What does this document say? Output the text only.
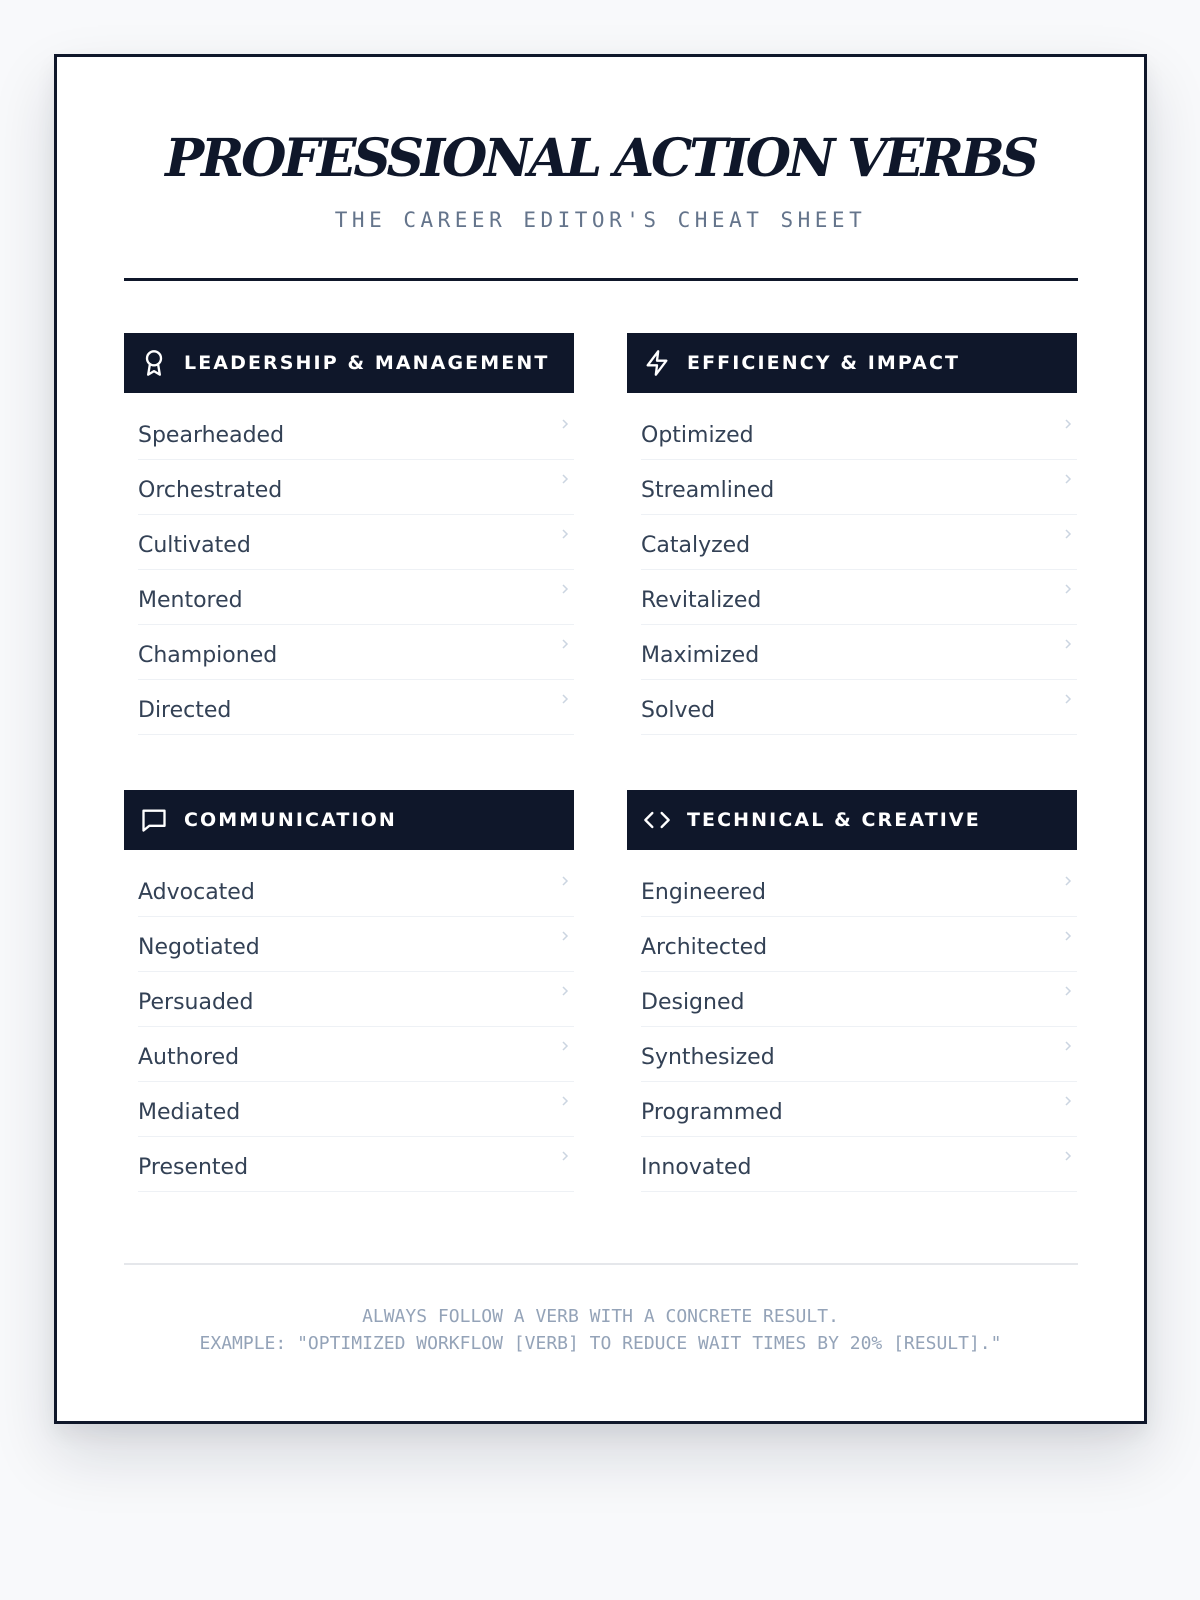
PROFESSIONAL ACTION VERBS
THE CAREER EDITOR'S CHEAT SHEET
LEADERSHIP & MANAGEMENT
Spearheaded
Orchestrated
Cultivated
Mentored
Championed
Directed
EFFICIENCY & IMPACT
Optimized
Streamlined
Catalyzed
Revitalized
Maximized
Solved
COMMUNICATION
Advocated
Negotiated
Persuaded
Authored
Mediated
Presented
TECHNICAL & CREATIVE
Engineered
Architected
Designed
Synthesized
Programmed
Innovated
ALWAYS FOLLOW A VERB WITH A CONCRETE RESULT.
EXAMPLE: "OPTIMIZED WORKFLOW [VERB] TO REDUCE WAIT TIMES BY 20% [RESULT]."
